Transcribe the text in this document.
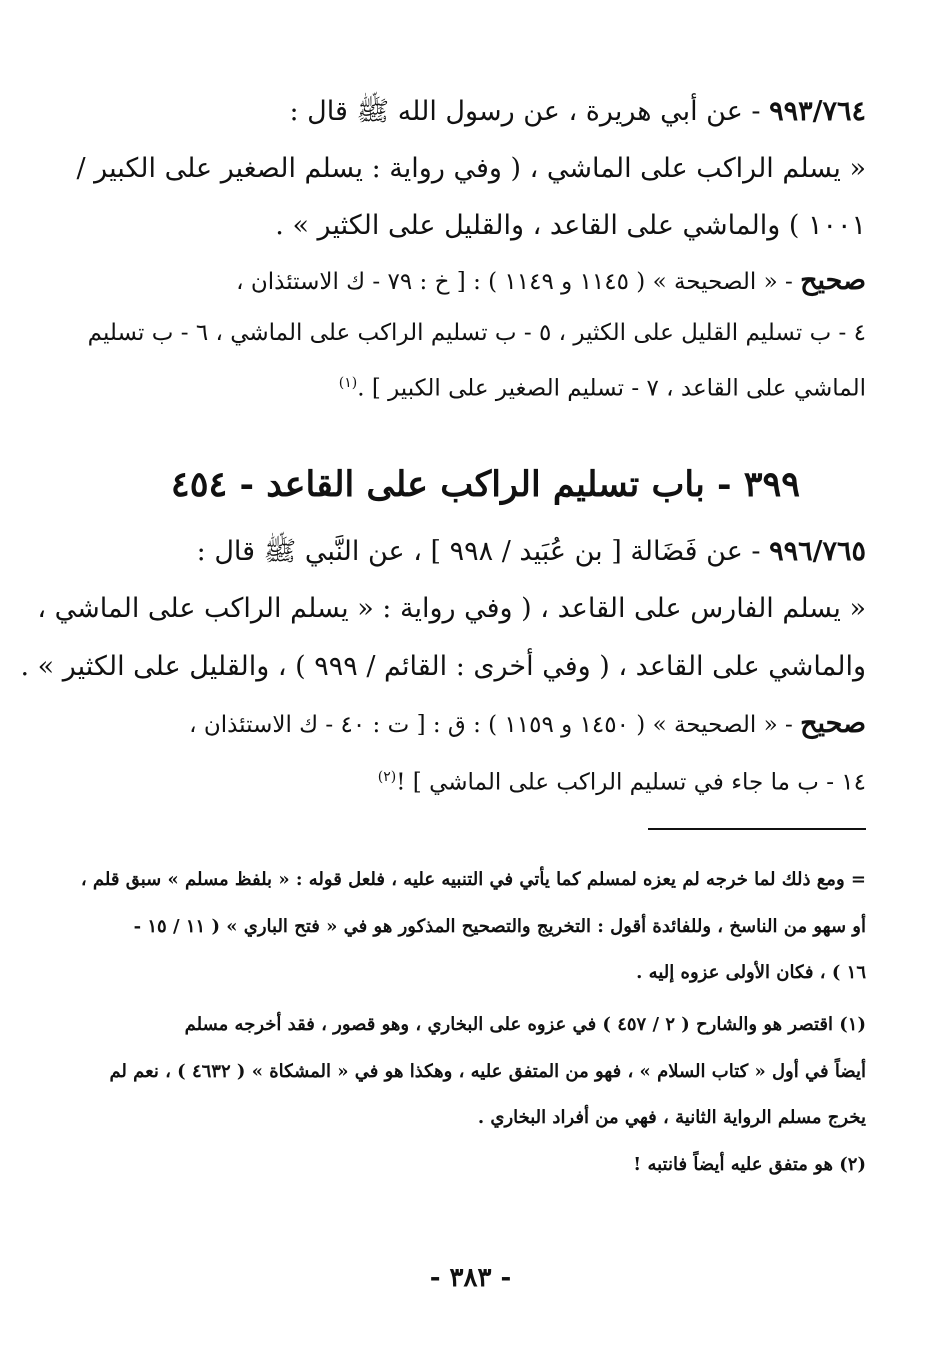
٩٩٣/٧٦٤ - عن أبي هريرة ، عن رسول الله ﷺ قال :
« يسلم الراكب على الماشي ، ( وفي رواية : يسلم الصغير على الكبير /
١٠٠١ ) والماشي على القاعد ، والقليل على الكثير » .
صحيح - « الصحيحة » ( ١١٤٥ و ١١٤٩ ) : [ خ : ٧٩ - ك الاستئذان ،
٤ - ب تسليم القليل على الكثير ، ٥ - ب تسليم الراكب على الماشي ، ٦ - ب تسليم
الماشي على القاعد ، ٧ - تسليم الصغير على الكبير ] .$^{(١)}$
٣٩٩ - باب تسليم الراكب على القاعد - ٤٥٤
٩٩٦/٧٦٥ - عن فَضَالة [ بن عُبَيد / ٩٩٨ ] ، عن النَّبي ﷺ قال :
« يسلم الفارس على القاعد ، ( وفي رواية : « يسلم الراكب على الماشي ،
والماشي على القاعد ، ( وفي أخرى : القائم / ٩٩٩ ) ، والقليل على الكثير » .
صحيح - « الصحيحة » ( ١٤٥٠ و ١١٥٩ ) : ق : [ ت : ٤٠ - ك الاستئذان ،
١٤ - ب ما جاء في تسليم الراكب على الماشي ] !$^{(٢)}$
= ومع ذلك لما خرجه لم يعزه لمسلم كما يأتي في التنبيه عليه ، فلعل قوله : « بلفظ مسلم » سبق قلم ،
أو سهو من الناسخ ، وللفائدة أقول : التخريج والتصحيح المذكور هو في « فتح الباري » ( ١١ / ١٥ -
١٦ ) ، فكان الأولى عزوه إليه .
(١) اقتصر هو والشارح ( ٢ / ٤٥٧ ) في عزوه على البخاري ، وهو قصور ، فقد أخرجه مسلم
أيضاً في أول « كتاب السلام » ، فهو من المتفق عليه ، وهكذا هو في « المشكاة » ( ٤٦٣٢ ) ، نعم لم
يخرج مسلم الرواية الثانية ، فهي من أفراد البخاري .
(٢) هو متفق عليه أيضاً فانتبه !
- ٣٨٣ -
